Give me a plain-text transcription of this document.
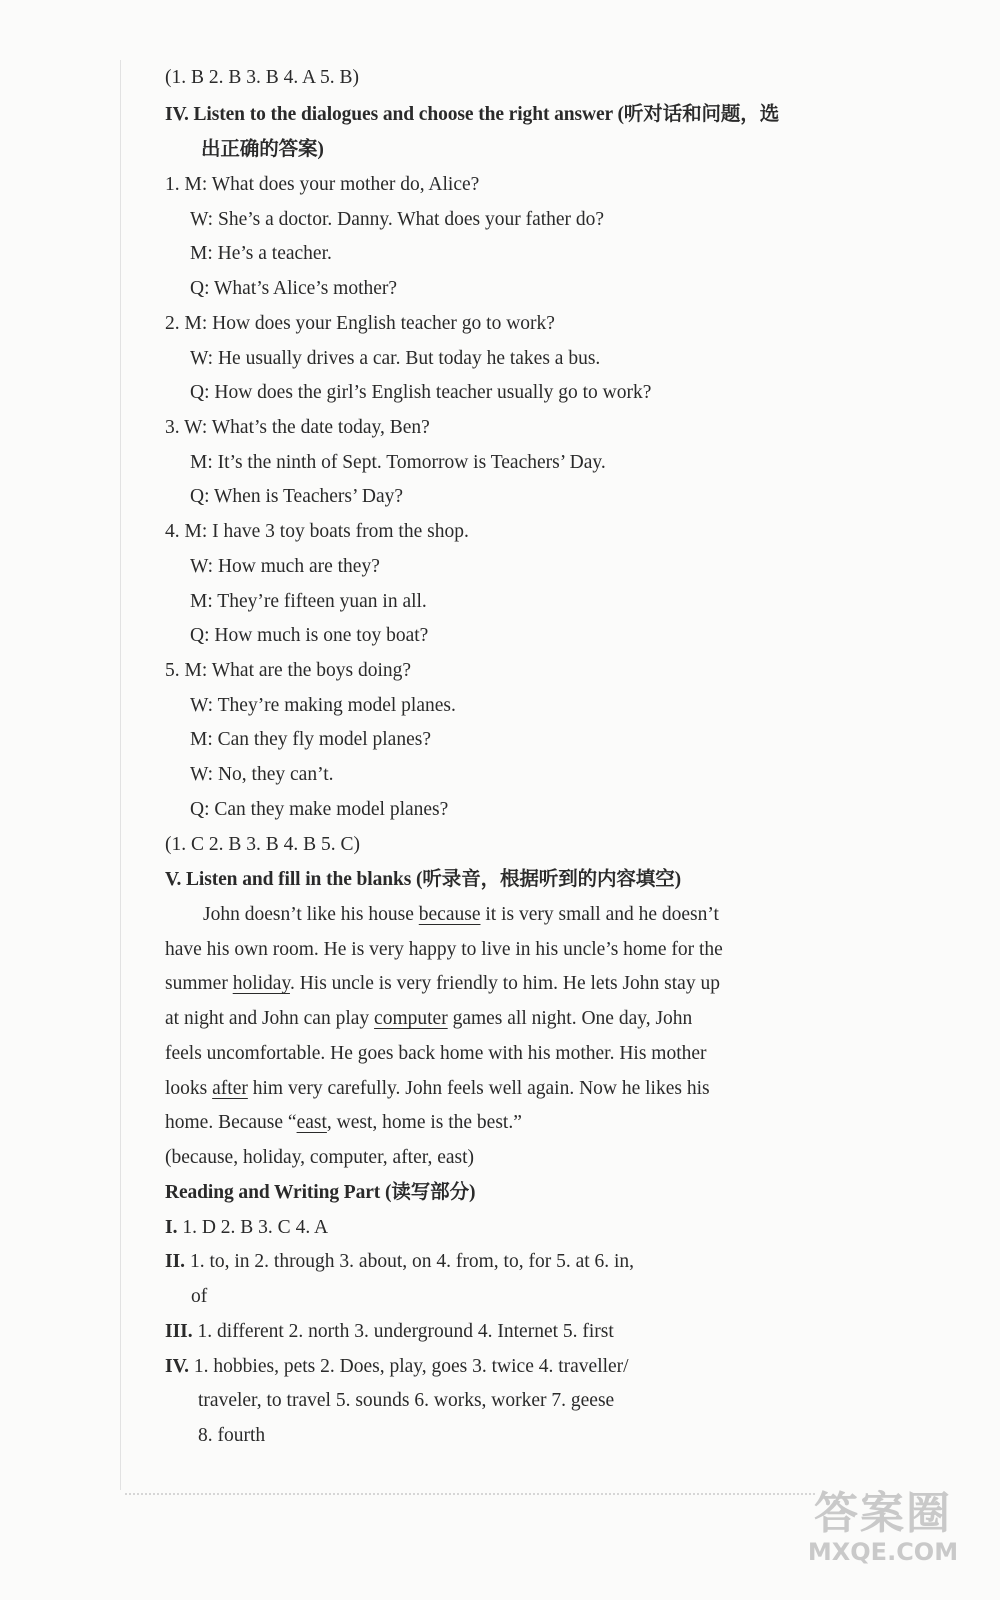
(1. B 2. B 3. B 4. A 5. B)
IV. Listen to the dialogues and choose the right answer (听对话和问题，选
出正确的答案)
1. M: What does your mother do, Alice?
W: She’s a doctor. Danny. What does your father do?
M: He’s a teacher.
Q: What’s Alice’s mother?
2. M: How does your English teacher go to work?
W: He usually drives a car. But today he takes a bus.
Q: How does the girl’s English teacher usually go to work?
3. W: What’s the date today, Ben?
M: It’s the ninth of Sept. Tomorrow is Teachers’ Day.
Q: When is Teachers’ Day?
4. M: I have 3 toy boats from the shop.
W: How much are they?
M: They’re fifteen yuan in all.
Q: How much is one toy boat?
5. M: What are the boys doing?
W: They’re making model planes.
M: Can they fly model planes?
W: No, they can’t.
Q: Can they make model planes?
(1. C 2. B 3. B 4. B 5. C)
V. Listen and fill in the blanks (听录音，根据听到的内容填空)
John doesn’t like his house because it is very small and he doesn’t
have his own room. He is very happy to live in his uncle’s home for the
summer holiday. His uncle is very friendly to him. He lets John stay up
at night and John can play computer games all night. One day, John
feels uncomfortable. He goes back home with his mother. His mother
looks after him very carefully. John feels well again. Now he likes his
home. Because “east, west, home is the best.”
(because, holiday, computer, after, east)
Reading and Writing Part (读写部分)
I. 1. D 2. B 3. C 4. A
II. 1. to, in 2. through 3. about, on 4. from, to, for 5. at 6. in,
of
III. 1. different 2. north 3. underground 4. Internet 5. first
IV. 1. hobbies, pets 2. Does, play, goes 3. twice 4. traveller/
traveler, to travel 5. sounds 6. works, worker 7. geese
8. fourth
答案圈
MXQE.COM
